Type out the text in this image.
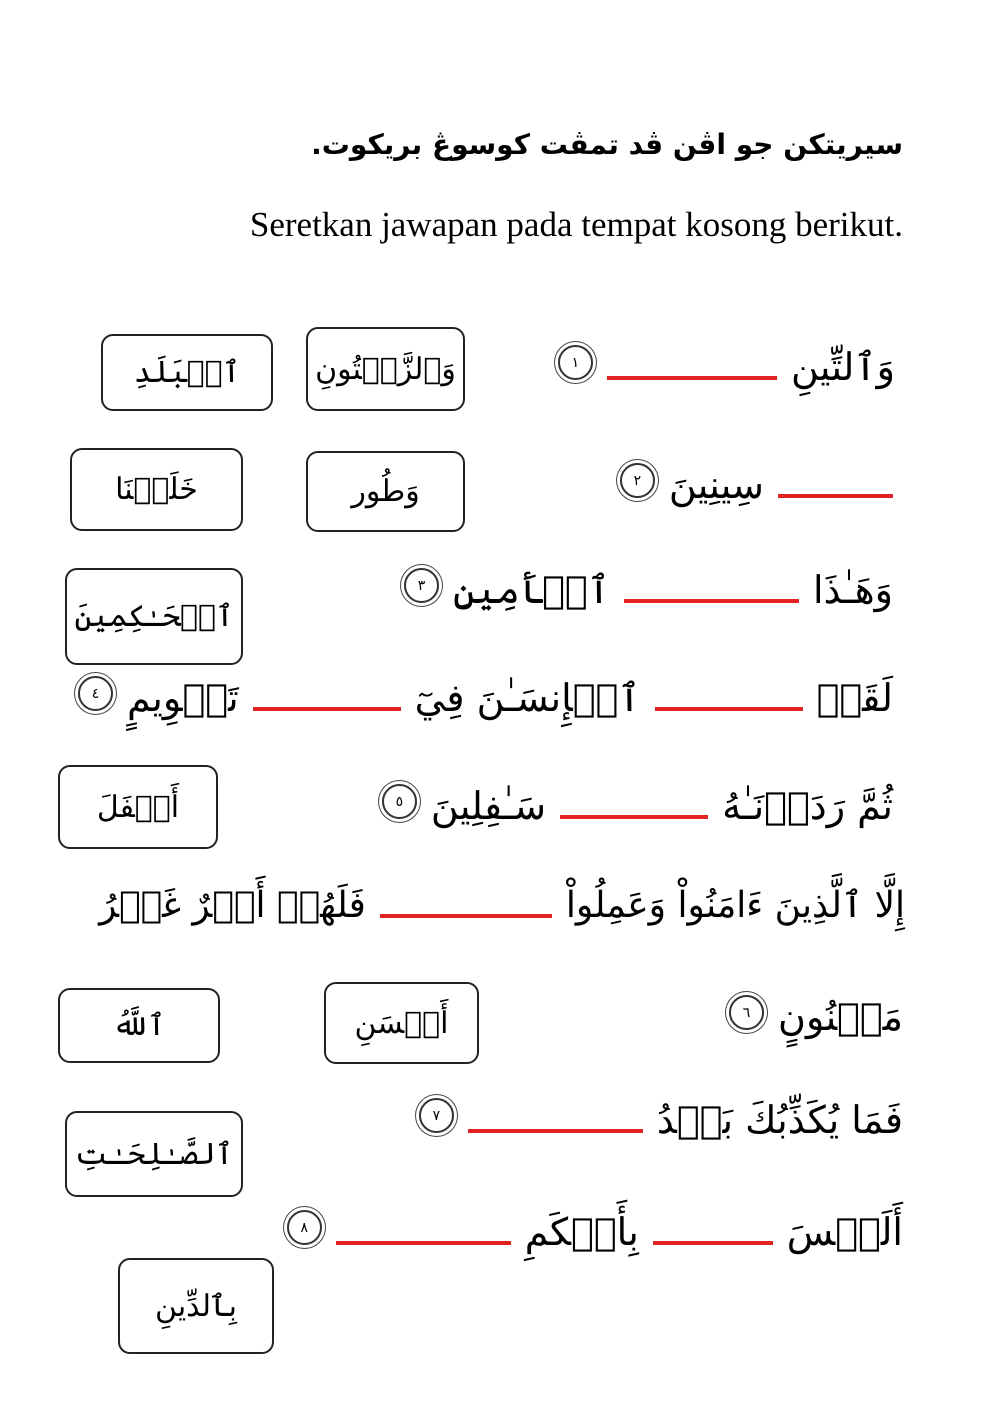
سيريتكن جو اڤن ڤد تمڤت کوسوڠ بريکوت.
Seretkan jawapan pada tempat kosong berikut.
وَٱلزَّيۡتُونِ
ٱلۡبَلَدِ
وَطُور
خَلَقۡنَا
ٱلۡحَـٰكِمِينَ
أَسۡفَلَ
أَحۡسَنِ
ٱللَّهُ
ٱلصَّـٰلِحَـٰتِ
بِٱلدِّينِ
وَٱلتِّينِ
١
سِينِينَ
٢
وَهَـٰذَا
ٱلۡأَمِينِ
٣
لَقَدۡ
ٱلۡإِنسَـٰنَ فِيٓ
تَقۡوِيمٍ
٤
ثُمَّ رَدَدۡنَـٰهُ
سَـٰفِلِينَ
٥
إِلَّا ٱلَّذِينَ ءَامَنُواْ وَعَمِلُواْ
فَلَهُمۡ أَجۡرٌ غَيۡرُ
مَمۡنُونٍ
٦
فَمَا يُكَذِّبُكَ بَعۡدُ
٧
أَلَيۡسَ
بِأَحۡكَمِ
٨
